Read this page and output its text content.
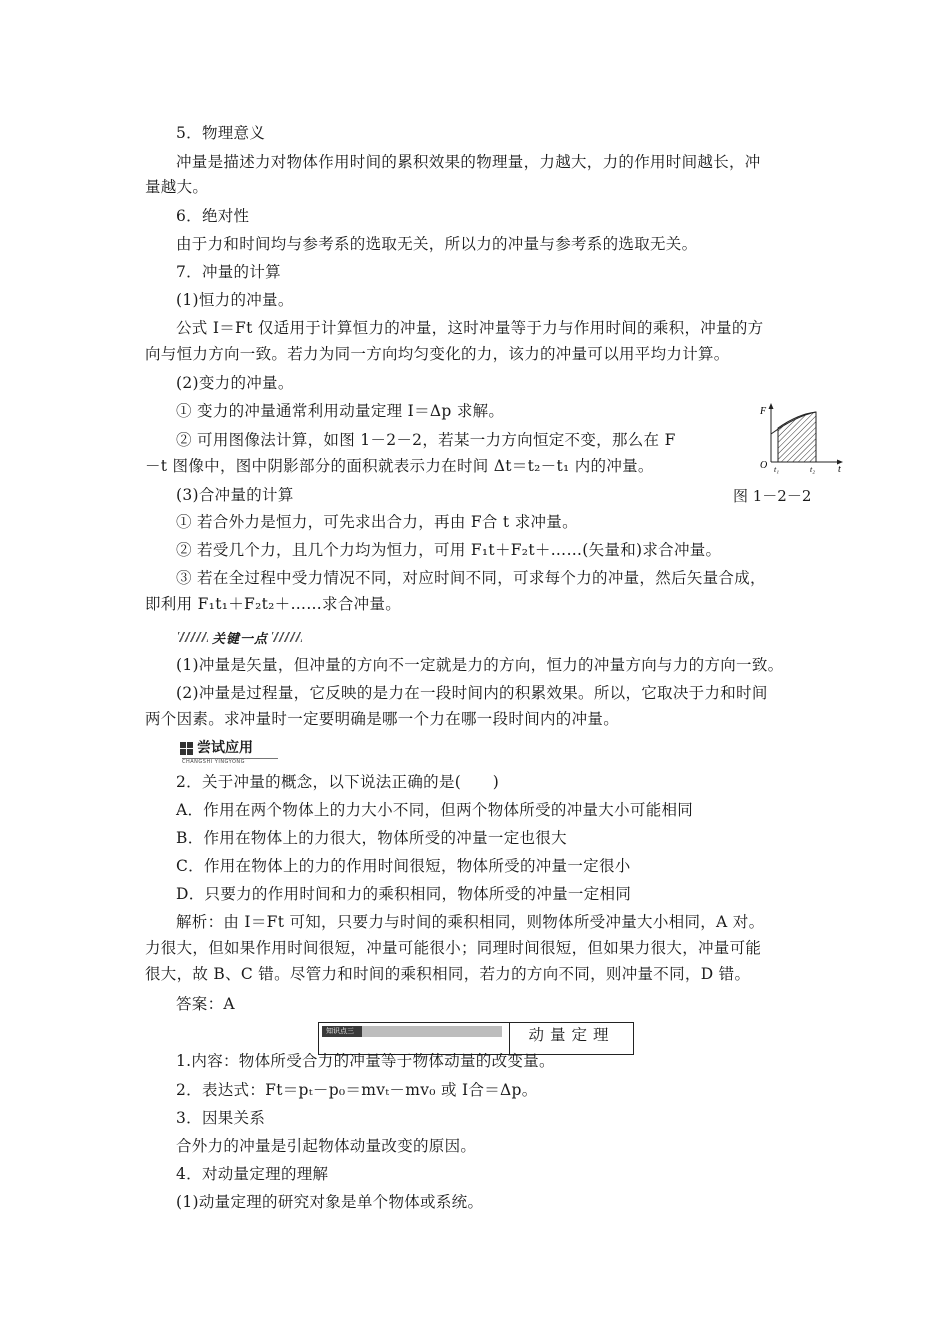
5．物理意义
冲量是描述力对物体作用时间的累积效果的物理量，力越大，力的作用时间越长，冲
量越大。
6．绝对性
由于力和时间均与参考系的选取无关，所以力的冲量与参考系的选取无关。
7．冲量的计算
(1)恒力的冲量。
公式 I＝Ft 仅适用于计算恒力的冲量，这时冲量等于力与作用时间的乘积，冲量的方
向与恒力方向一致。若力为同一方向均匀变化的力，该力的冲量可以用平均力计算。
(2)变力的冲量。
① 变力的冲量通常利用动量定理 I＝Δp 求解。
② 可用图像法计算，如图 1－2－2，若某一力方向恒定不变，那么在 F
－t 图像中，图中阴影部分的面积就表示力在时间 Δt＝t₂－t₁ 内的冲量。
(3)合冲量的计算
① 若合外力是恒力，可先求出合力，再由 F合 t 求冲量。
② 若受几个力，且几个力均为恒力，可用 F₁t＋F₂t＋……(矢量和)求合冲量。
③ 若在全过程中受力情况不同，对应时间不同，可求每个力的冲量，然后矢量合成，
即利用 F₁t₁＋F₂t₂＋……求合冲量。
F
t
O t₁	t₂
图 1－2－2
关键一点
(1)冲量是矢量，但冲量的方向不一定就是力的方向，恒力的冲量方向与力的方向一致。
(2)冲量是过程量，它反映的是力在一段时间内的积累效果。所以，它取决于力和时间
两个因素。求冲量时一定要明确是哪一个力在哪一段时间内的冲量。
尝试应用
CHANGSHI YINGYONG
2．关于冲量的概念，以下说法正确的是(　　)
A．作用在两个物体上的力大小不同，但两个物体所受的冲量大小可能相同
B．作用在物体上的力很大，物体所受的冲量一定也很大
C．作用在物体上的力的作用时间很短，物体所受的冲量一定很小
D．只要力的作用时间和力的乘积相同，物体所受的冲量一定相同
解析：由 I＝Ft 可知，只要力与时间的乘积相同，则物体所受冲量大小相同，A 对。
力很大，但如果作用时间很短，冲量可能很小；同理时间很短，但如果力很大，冲量可能
很大，故 B、C 错。尽管力和时间的乘积相同，若力的方向不同，则冲量不同，D 错。
答案：A
知识点三	动量定理
1.内容：物体所受合力的冲量等于物体动量的改变量。
2．表达式：Ft＝pₜ－p₀＝mvₜ－mv₀ 或 I合＝Δp。
3．因果关系
合外力的冲量是引起物体动量改变的原因。
4．对动量定理的理解
(1)动量定理的研究对象是单个物体或系统。
